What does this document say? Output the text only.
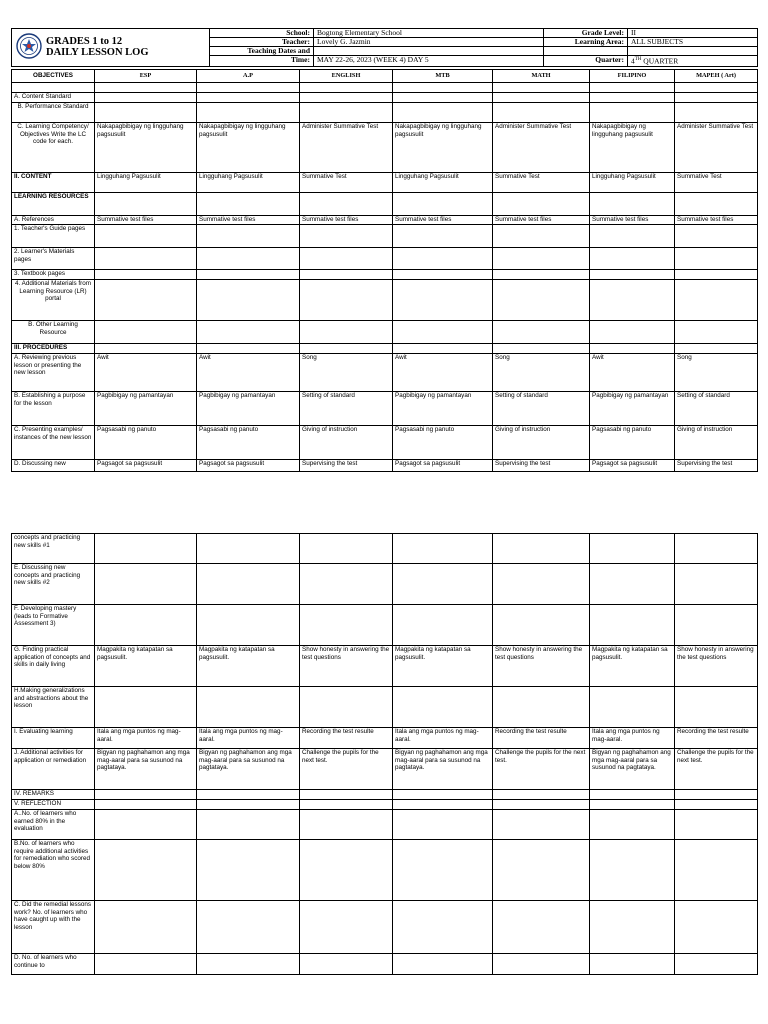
GRADES 1 to 12
DAILY LESSON LOG	School:	Bogtong Elementary School	Grade Level:	II
	Teacher:	Lovely G. Jazmin	Learning Area:	ALL SUBJECTS
	Teaching Dates and			
	Time:	MAY 22-26, 2023 (WEEK 4) DAY 5	Quarter:	4TH QUARTER
OBJECTIVES	ESP	A.P	ENGLISH	MTB	MATH	FILIPINO	MAPEH ( Art)

A. Content Standard							
B. Performance Standard							
C. Learning Competency/ Objectives Write the LC code for each.	Nakapagbibigay ng lingguhang pagsusulit	Nakapagbibigay ng lingguhang pagsusulit	Administer Summative Test	Nakapagbibigay ng lingguhang pagsusulit	Administer Summative Test	Nakapagbibigay ng lingguhang pagsusulit	Administer Summative Test
II. CONTENT	Lingguhang Pagsusulit	Lingguhang Pagsusulit	Summative Test	Lingguhang Pagsusulit	Summative Test	Lingguhang Pagsusulit	Summative Test
LEARNING RESOURCES							
A. References	Summative test files	Summative test files	Summative test files	Summative test files	Summative test files	Summative test files	Summative test files
1. Teacher's Guide pages							
2. Learner's Materials pages							
3. Textbook pages							
4. Additional Materials from Learning Resource (LR) portal							
B. Other Learning Resource							
III. PROCEDURES							
A. Reviewing previous lesson or presenting the new lesson	Awit	Awit	Song	Awit	Song	Awit	Song
B. Establishing a purpose for the lesson	Pagbibigay ng pamantayan	Pagbibigay ng pamantayan	Setting of standard	Pagbibigay ng pamantayan	Setting of standard	Pagbibigay ng pamantayan	Setting of standard
C. Presenting examples/ instances of the new lesson	Pagsasabi ng panuto	Pagsasabi ng panuto	Giving of instruction	Pagsasabi ng panuto	Giving of instruction	Pagsasabi ng panuto	Giving of instruction
D. Discussing new	Pagsagot sa pagsusulit	Pagsagot sa pagsusulit	Supervising the test	Pagsagot sa pagsusulit	Supervising the test	Pagsagot sa pagsusulit	Supervising the test
concepts and practicing new skills #1							
E. Discussing new concepts and practicing new skills #2							
F. Developing mastery (leads to Formative Assessment 3)							
G. Finding practical application of concepts and skills in daily living	Magpakita ng katapatan sa pagsusulit.	Magpakita ng katapatan sa pagsusulit.	Show honesty in answering the test questions	Magpakita ng katapatan sa pagsusulit.	Show honesty in answering the test questions	Magpakita ng katapatan sa pagsusulit.	Show honesty in answering the test questions
H.Making generalizations and abstractions about the lesson							
I. Evaluating learning	Itala ang mga puntos ng mag-aaral.	Itala ang mga puntos ng mag-aaral.	Recording the test resulte	Itala ang mga puntos ng mag-aaral.	Recording the test resulte	Itala ang mga puntos ng mag-aaral.	Recording the test resulte
J. Additional activities for application or remediation	Bigyan ng paghahamon ang mga mag-aaral para sa susunod na pagtataya.	Bigyan ng paghahamon ang mga mag-aaral para sa susunod na pagtataya.	Challenge the pupils for the next test.	Bigyan ng paghahamon ang mga mag-aaral para sa susunod na pagtataya.	Challenge the pupils for the next test.	Bigyan ng paghahamon ang mga mag-aaral para sa susunod na pagtataya.	Challenge the pupils for the next test.
IV. REMARKS							
V. REFLECTION							
A..No. of learners who earned 80% in the evaluation							
B.No. of learners who require additional activities for remediation who scored below 80%							
C. Did the remedial lessons work? No. of learners who have caught up with the lesson							
D. No. of learners who continue to							
